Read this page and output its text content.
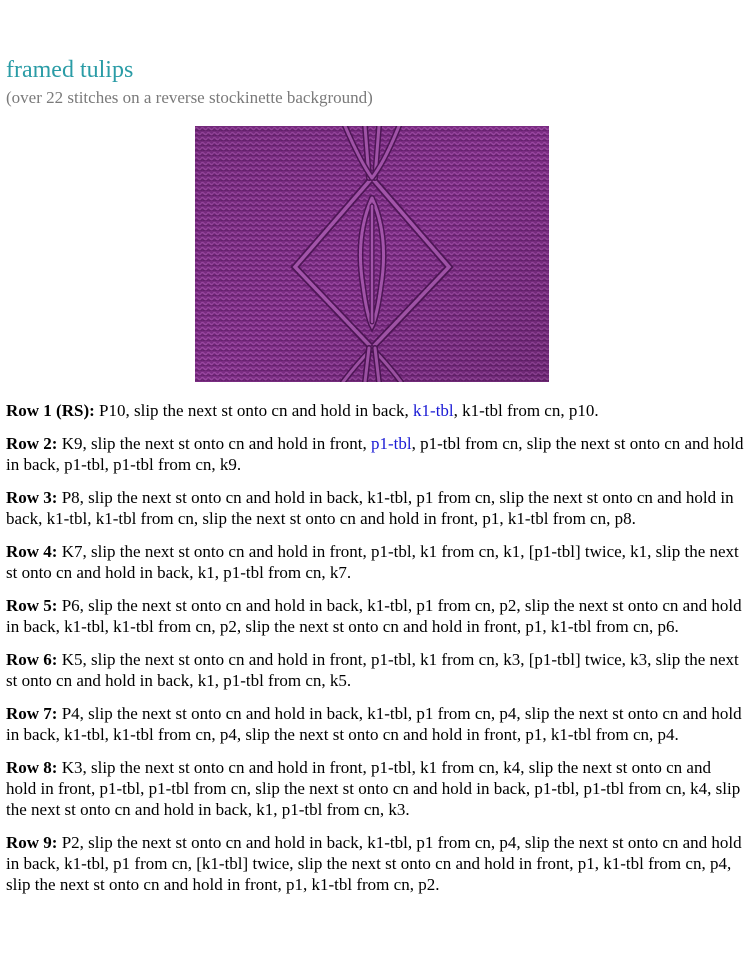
framed tulips

(over 22 stitches on a reverse stockinette background)

Row 1 (RS): P10, slip the next st onto cn and hold in back, k1-tbl, k1-tbl from cn, p10.

Row 2: K9, slip the next st onto cn and hold in front, p1-tbl, p1-tbl from cn, slip the next st onto cn and hold in back, p1-tbl, p1-tbl from cn, k9.

Row 3: P8, slip the next st onto cn and hold in back, k1-tbl, p1 from cn, slip the next st onto cn and hold in back, k1-tbl, k1-tbl from cn, slip the next st onto cn and hold in front, p1, k1-tbl from cn, p8.

Row 4: K7, slip the next st onto cn and hold in front, p1-tbl, k1 from cn, k1, [p1-tbl] twice, k1, slip the next st onto cn and hold in back, k1, p1-tbl from cn, k7.

Row 5: P6, slip the next st onto cn and hold in back, k1-tbl, p1 from cn, p2, slip the next st onto cn and hold in back, k1-tbl, k1-tbl from cn, p2, slip the next st onto cn and hold in front, p1, k1-tbl from cn, p6.

Row 6: K5, slip the next st onto cn and hold in front, p1-tbl, k1 from cn, k3, [p1-tbl] twice, k3, slip the next st onto cn and hold in back, k1, p1-tbl from cn, k5.

Row 7: P4, slip the next st onto cn and hold in back, k1-tbl, p1 from cn, p4, slip the next st onto cn and hold in back, k1-tbl, k1-tbl from cn, p4, slip the next st onto cn and hold in front, p1, k1-tbl from cn, p4.

Row 8: K3, slip the next st onto cn and hold in front, p1-tbl, k1 from cn, k4, slip the next st onto cn and hold in front, p1-tbl, p1-tbl from cn, slip the next st onto cn and hold in back, p1-tbl, p1-tbl from cn, k4, slip the next st onto cn and hold in back, k1, p1-tbl from cn, k3.

Row 9: P2, slip the next st onto cn and hold in back, k1-tbl, p1 from cn, p4, slip the next st onto cn and hold in back, k1-tbl, p1 from cn, [k1-tbl] twice, slip the next st onto cn and hold in front, p1, k1-tbl from cn, p4, slip the next st onto cn and hold in front, p1, k1-tbl from cn, p2.
